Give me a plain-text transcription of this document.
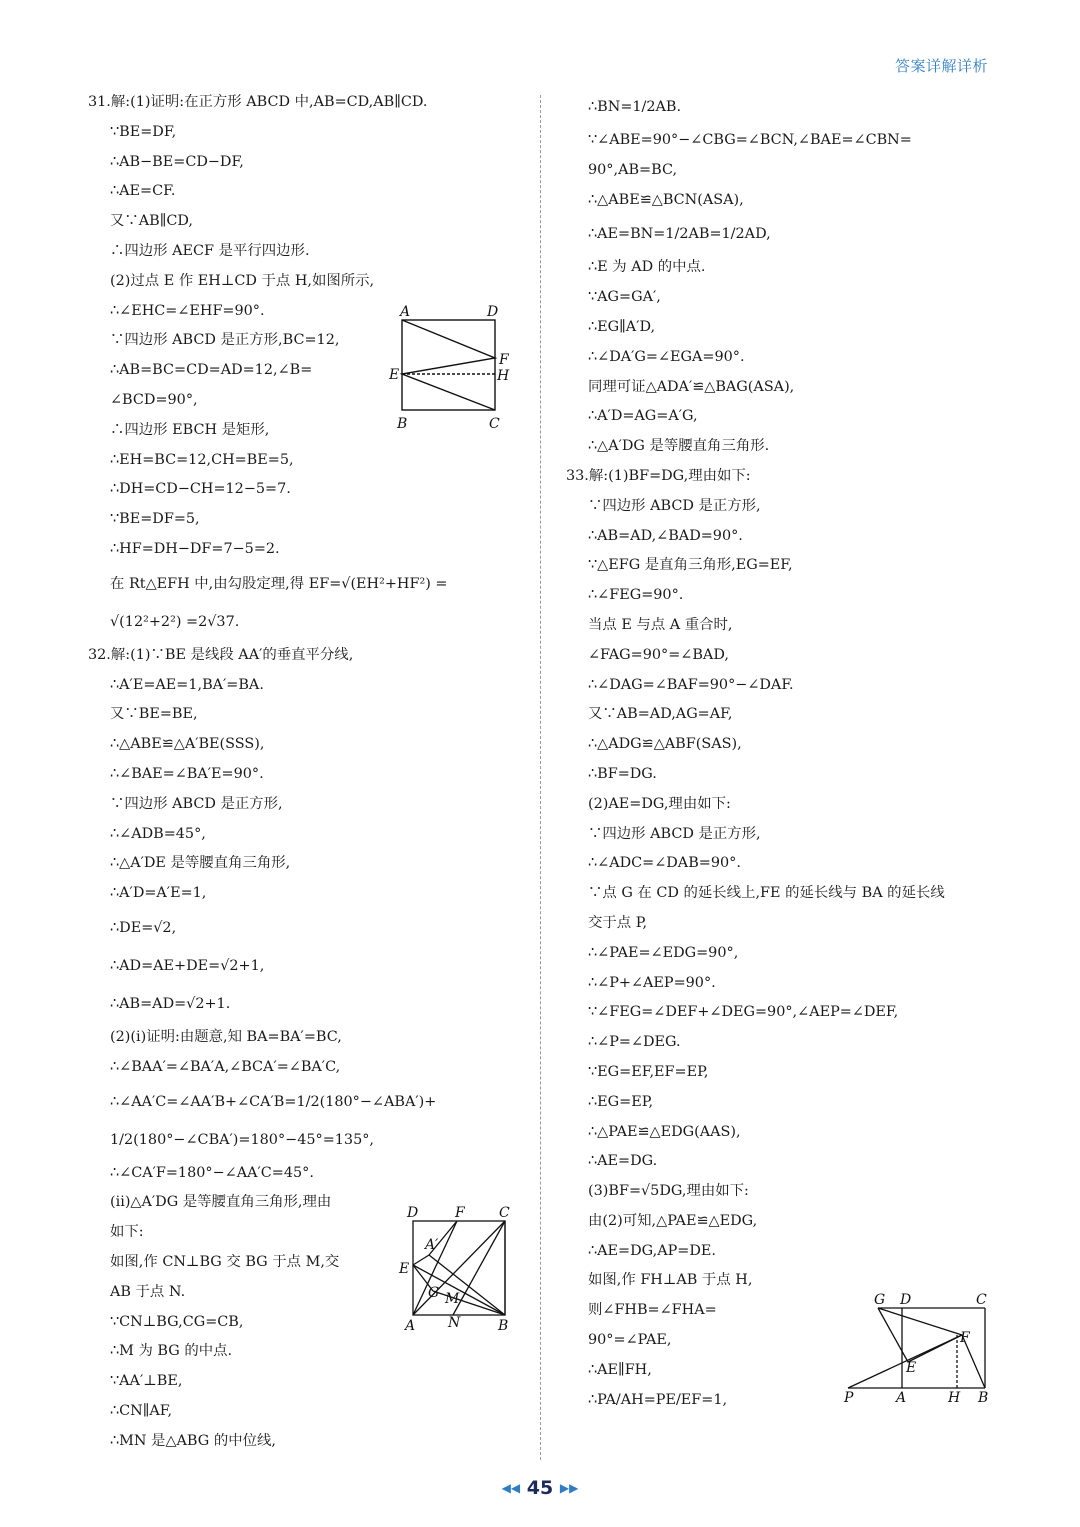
答案详解详析
31.解:(1)证明:在正方形 ABCD 中,AB=CD,AB∥CD.
∵BE=DF,
∴AB−BE=CD−DF,
∴AE=CF.
又∵AB∥CD,
∴四边形 AECF 是平行四边形.
(2)过点 E 作 EH⊥CD 于点 H,如图所示,
∴∠EHC=∠EHF=90°.
∵四边形 ABCD 是正方形,BC=12,
∴AB=BC=CD=AD=12,∠B=
∠BCD=90°,
∴四边形 EBCH 是矩形,
∴EH=BC=12,CH=BE=5,
∴DH=CD−CH=12−5=7.
∵BE=DF=5,
∴HF=DH−DF=7−5=2.
在 Rt△EFH 中,由勾股定理,得 EF=√(EH²+HF²) =
√(12²+2²) =2√37.
32.解:(1)∵BE 是线段 AA′的垂直平分线,
∴A′E=AE=1,BA′=BA.
又∵BE=BE,
∴△ABE≌△A′BE(SSS),
∴∠BAE=∠BA′E=90°.
∵四边形 ABCD 是正方形,
∴∠ADB=45°,
∴△A′DE 是等腰直角三角形,
∴A′D=A′E=1,
∴DE=√2,
∴AD=AE+DE=√2+1,
∴AB=AD=√2+1.
(2)(ⅰ)证明:由题意,知 BA=BA′=BC,
∴∠BAA′=∠BA′A,∠BCA′=∠BA′C,
∴∠AA′C=∠AA′B+∠CA′B=1/2(180°−∠ABA′)+
1/2(180°−∠CBA′)=180°−45°=135°,
∴∠CA′F=180°−∠AA′C=45°.
(ⅱ)△A′DG 是等腰直角三角形,理由
如下:
如图,作 CN⊥BG 交 BG 于点 M,交
AB 于点 N.
∵CN⊥BG,CG=CB,
∴M 为 BG 的中点.
∵AA′⊥BE,
∴CN∥AF,
∴MN 是△ABG 的中位线,
∴BN=1/2AB.
∵∠ABE=90°−∠CBG=∠BCN,∠BAE=∠CBN=
90°,AB=BC,
∴△ABE≌△BCN(ASA),
∴AE=BN=1/2AB=1/2AD,
∴E 为 AD 的中点.
∵AG=GA′,
∴EG∥A′D,
∴∠DA′G=∠EGA=90°.
同理可证△ADA′≌△BAG(ASA),
∴A′D=AG=A′G,
∴△A′DG 是等腰直角三角形.
33.解:(1)BF=DG,理由如下:
∵四边形 ABCD 是正方形,
∴AB=AD,∠BAD=90°.
∵△EFG 是直角三角形,EG=EF,
∴∠FEG=90°.
当点 E 与点 A 重合时,
∠FAG=90°=∠BAD,
∴∠DAG=∠BAF=90°−∠DAF.
又∵AB=AD,AG=AF,
∴△ADG≌△ABF(SAS),
∴BF=DG.
(2)AE=DG,理由如下:
∵四边形 ABCD 是正方形,
∴∠ADC=∠DAB=90°.
∵点 G 在 CD 的延长线上,FE 的延长线与 BA 的延长线
交于点 P,
∴∠PAE=∠EDG=90°,
∴∠P+∠AEP=90°.
∵∠FEG=∠DEF+∠DEG=90°,∠AEP=∠DEF,
∴∠P=∠DEG.
∵EG=EF,EF=EP,
∴EG=EP,
∴△PAE≌△EDG(AAS),
∴AE=DG.
(3)BF=√5DG,理由如下:
由(2)可知,△PAE≌△EDG,
∴AE=DG,AP=DE.
如图,作 FH⊥AB 于点 H,
则∠FHB=∠FHA=
90°=∠PAE,
∴AE∥FH,
∴PA/AH=PE/EF=1,
A	D
E
F
H
B	C
D	F C
E
A′
G M
A N	B
G D	C
F
E
P	A	H B
◀◀ 45 ▶▶
